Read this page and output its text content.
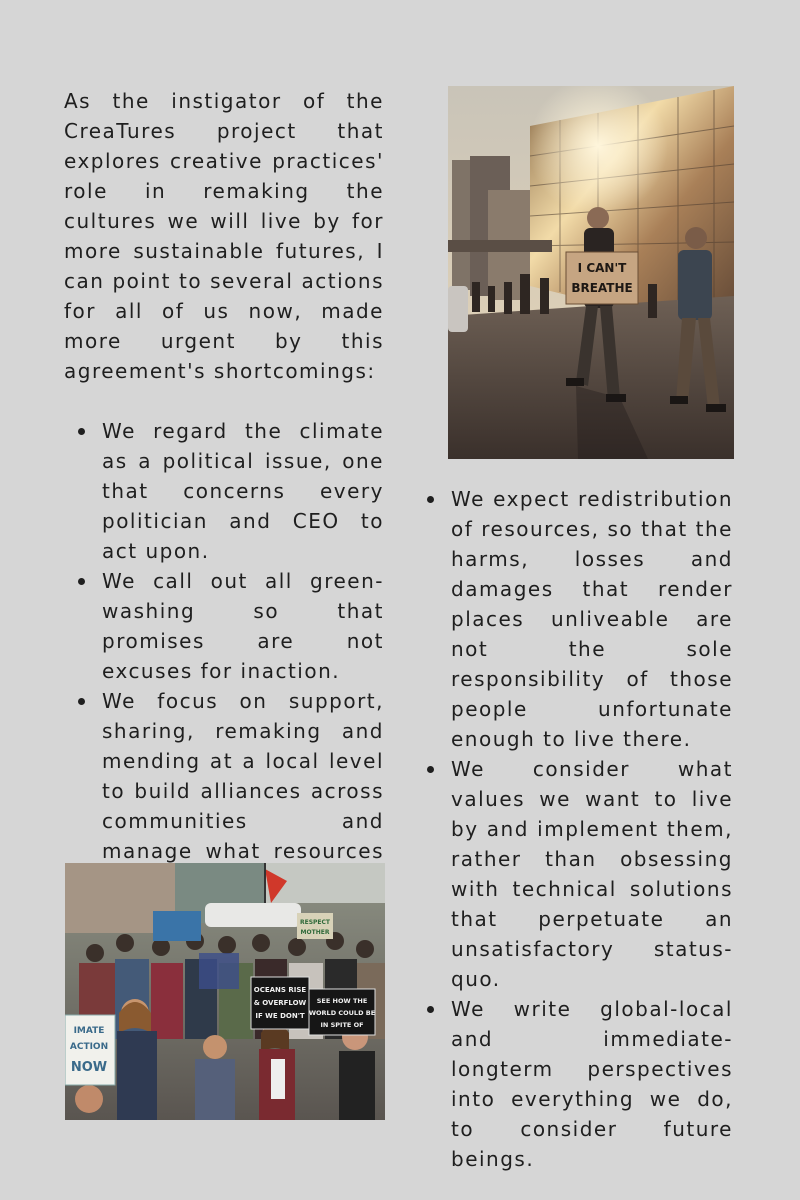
As the instigator of the CreaTures project that explores creative practices' role in remaking the cultures we will live by for more sustainable futures, I can point to several actions for all of us now, made more urgent by this agreement's shortcomings:

We regard the climate as a political issue, one that concerns every politician and CEO to act upon.
We call out all green-washing so that promises are not excuses for inaction.
We focus on support, sharing, remaking and mending at a local level to build alliances across communities and manage what resources
We expect redistribution of resources, so that the harms, losses and damages that render places unliveable are not the sole responsibility of those people unfortunate enough to live there.
We consider what values we want to live by and implement them, rather than obsessing with technical solutions that perpetuate an unsatisfactory status-quo.
We write global-local and immediate-longterm perspectives into everything we do, to consider future beings.
I CAN'T
BREATHE
OCEANS RISE
& OVERFLOW
IF WE DON'T
SEE HOW THE
WORLD COULD BE
IN SPITE OF
IMATE
ACTION
NOW
RESPECT
MOTHER
